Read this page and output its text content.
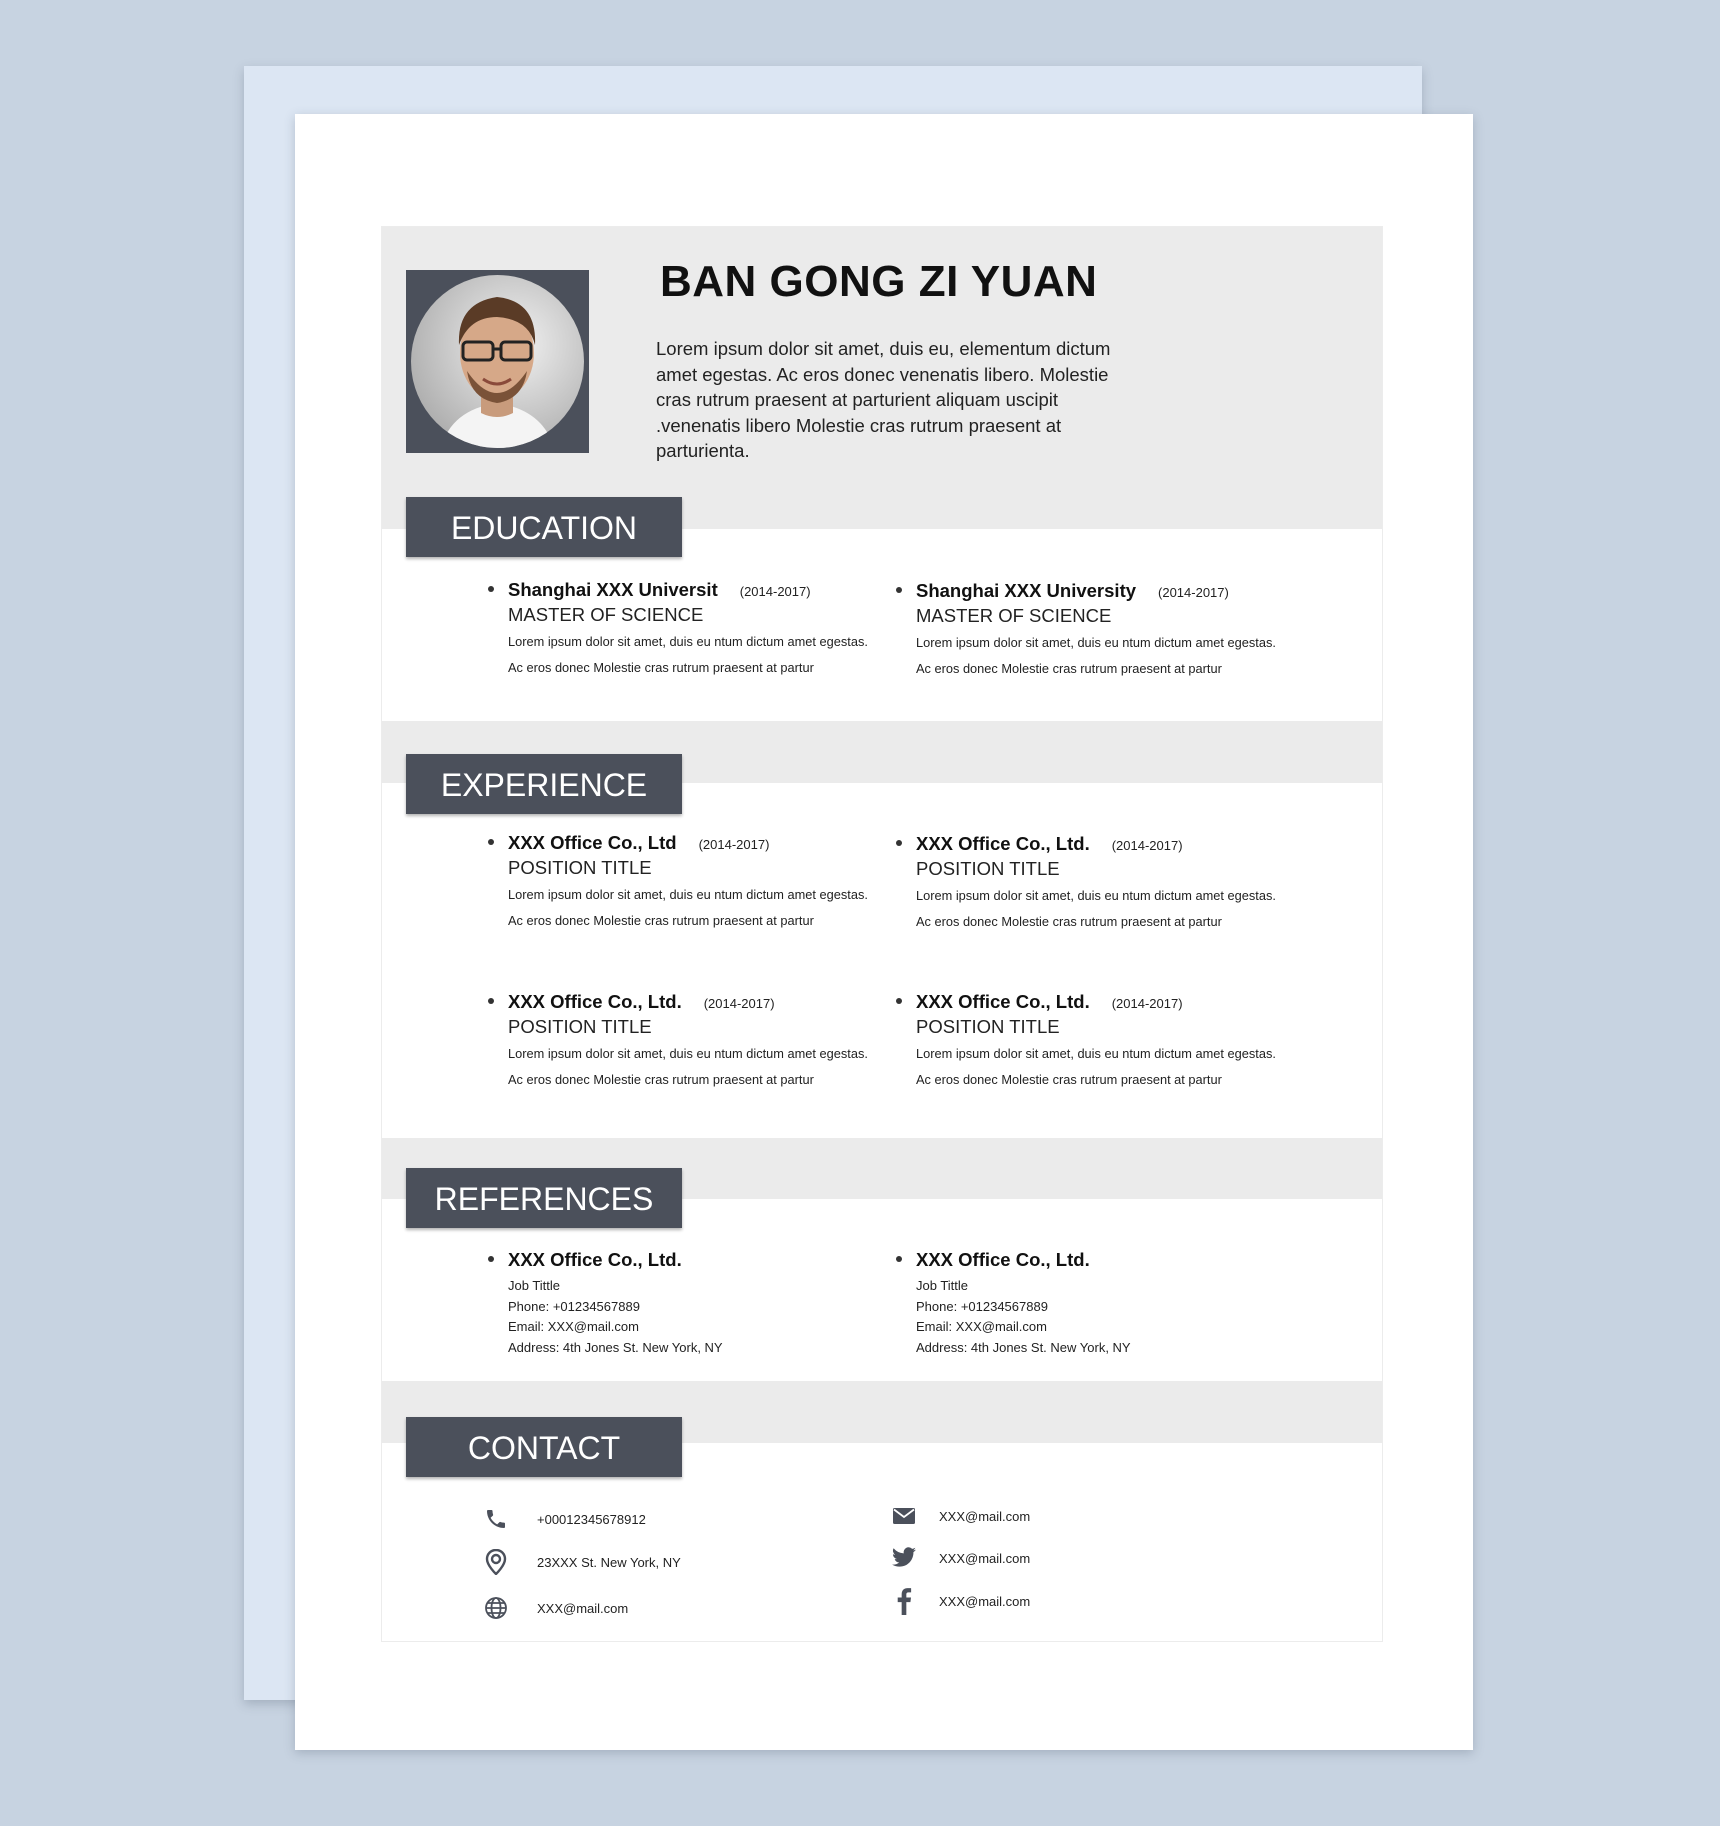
BAN GONG ZI YUAN
Lorem ipsum dolor sit amet, duis eu, elementum dictum amet egestas. Ac eros donec venenatis libero. Molestie cras rutrum praesent at parturient aliquam uscipit .venenatis libero Molestie cras rutrum praesent at parturienta.
EDUCATION
Shanghai XXX Universit (2014-2017)
MASTER OF SCIENCE
Lorem ipsum dolor sit amet, duis eu ntum dictum amet egestas. Ac eros donec Molestie cras rutrum praesent at partur
Shanghai XXX University (2014-2017)
MASTER OF SCIENCE
Lorem ipsum dolor sit amet, duis eu ntum dictum amet egestas. Ac eros donec Molestie cras rutrum praesent at partur
EXPERIENCE
XXX Office Co., Ltd (2014-2017)
POSITION TITLE
Lorem ipsum dolor sit amet, duis eu ntum dictum amet egestas. Ac eros donec Molestie cras rutrum praesent at partur
XXX Office Co., Ltd. (2014-2017)
POSITION TITLE
Lorem ipsum dolor sit amet, duis eu ntum dictum amet egestas. Ac eros donec Molestie cras rutrum praesent at partur
XXX Office Co., Ltd. (2014-2017)
POSITION TITLE
Lorem ipsum dolor sit amet, duis eu ntum dictum amet egestas. Ac eros donec Molestie cras rutrum praesent at partur
XXX Office Co., Ltd. (2014-2017)
POSITION TITLE
Lorem ipsum dolor sit amet, duis eu ntum dictum amet egestas. Ac eros donec Molestie cras rutrum praesent at partur
REFERENCES
XXX Office Co., Ltd.
Job Tittle
Phone: +01234567889
Email: XXX@mail.com
Address: 4th Jones St. New York, NY
XXX Office Co., Ltd.
Job Tittle
Phone: +01234567889
Email: XXX@mail.com
Address: 4th Jones St. New York, NY
CONTACT
+00012345678912
23XXX St. New York, NY
XXX@mail.com
XXX@mail.com
XXX@mail.com
XXX@mail.com
